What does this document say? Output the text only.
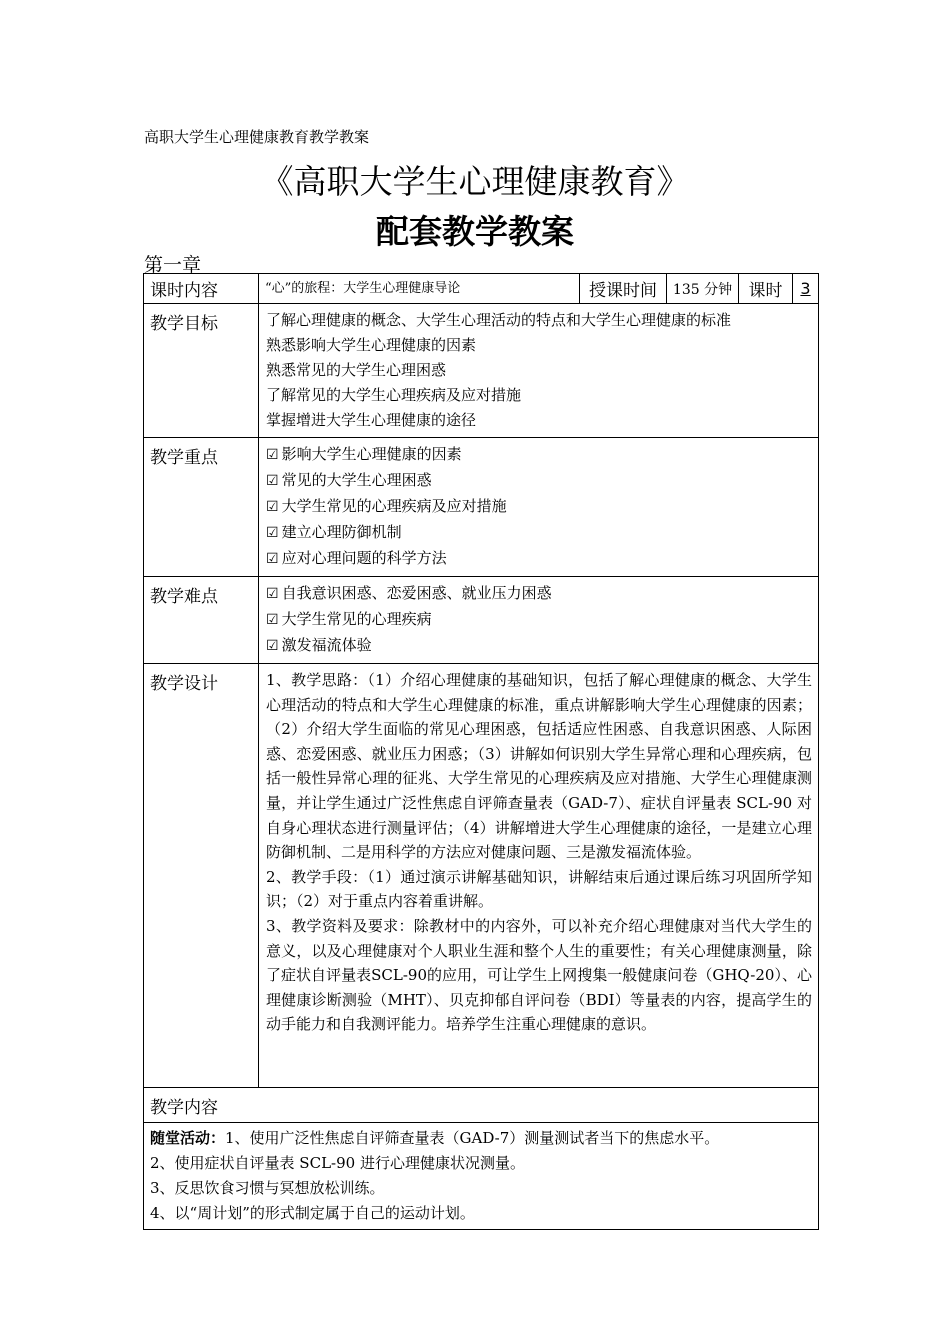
高职大学生心理健康教育教学教案
《高职大学生心理健康教育》
配套教学教案
第一章
课时内容	“心”的旅程：大学生心理健康导论	授课时间	135 分钟	课时	3
教学目标	了解心理健康的概念、大学生心理活动的特点和大学生心理健康的标准
熟悉影响大学生心理健康的因素
熟悉常见的大学生心理困惑
了解常见的大学生心理疾病及应对措施
掌握增进大学生心理健康的途径				

教学重点	☑ 影响大学生心理健康的因素
☑ 常见的大学生心理困惑
☑ 大学生常见的心理疾病及应对措施
☑ 建立心理防御机制
☑ 应对心理问题的科学方法				

教学难点	☑ 自我意识困惑、恋爱困惑、就业压力困惑
☑ 大学生常见的心理疾病
☑ 激发福流体验				

教学设计	1、教学思路：（1）介绍心理健康的基础知识，包括了解心理健康的概念、大学生心理活动的特点和大学生心理健康的标准，重点讲解影响大学生心理健康的因素；（2）介绍大学生面临的常见心理困惑，包括适应性困惑、自我意识困惑、人际困惑、恋爱困惑、就业压力困惑；（3）讲解如何识别大学生异常心理和心理疾病，包括一般性异常心理的征兆、大学生常见的心理疾病及应对措施、大学生心理健康测量，并让学生通过广泛性焦虑自评筛查量表（GAD-7）、症状自评量表 SCL-90 对自身心理状态进行测量评估；（4）讲解增进大学生心理健康的途径，一是建立心理防御机制、二是用科学的方法应对健康问题、三是激发福流体验。
2、教学手段：（1）通过演示讲解基础知识，讲解结束后通过课后练习巩固所学知识；（2）对于重点内容着重讲解。
3、教学资料及要求：除教材中的内容外，可以补充介绍心理健康对当代大学生的意义，以及心理健康对个人职业生涯和整个人生的重要性；有关心理健康测量，除了症状自评量表SCL-90的应用，可让学生上网搜集一般健康问卷（GHQ-20）、心理健康诊断测验（MHT）、贝克抑郁自评问卷（BDI）等量表的内容，提高学生的动手能力和自我测评能力。培养学生注重心理健康的意识。				

教学内容					

随堂活动：1、使用广泛性焦虑自评筛查量表（GAD-7）测量测试者当下的焦虑水平。
2、使用症状自评量表 SCL-90 进行心理健康状况测量。
3、反思饮食习惯与冥想放松训练。
4、以“周计划”的形式制定属于自己的运动计划。					
